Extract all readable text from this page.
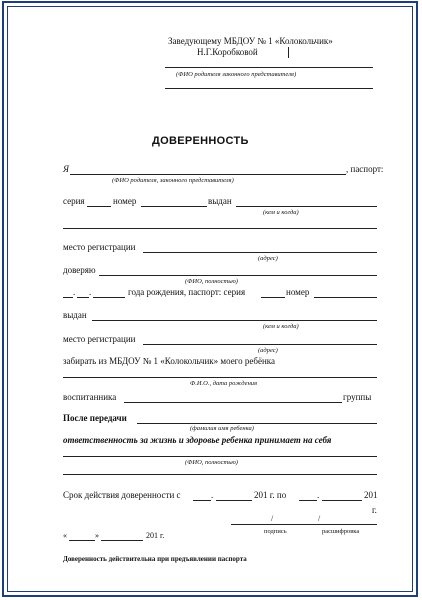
Заведующему МБДОУ № 1 «Колокольчик»
Н.Г.Коробковой
(ФИО родителя законного представителя)
ДОВЕРЕННОСТЬ
Я	, паспорт:
(ФИО родителя, законного представителя)
серия	номер	выдан
(кем и когда)
место регистрации
(адрес)
доверяю
(ФИО, полностью)
. .	года рождения, паспорт: серия	номер
выдан
(кем и когда)
место регистрации
(адрес)
забирать из МБДОУ № 1 «Колокольчик» моего ребёнка
Ф.И.О., дата рождения
воспитанника	группы
После передачи
(фамилия имя ребенка)
ответственность за жизнь и здоровье ребенка принимает на себя
(ФИО, полностью)
Срок действия доверенности с	.	201 г. по	.	201
г.
/	/
подпись	расшифровка
«	»	201 г.
Доверенность действительна при предъявлении паспорта
